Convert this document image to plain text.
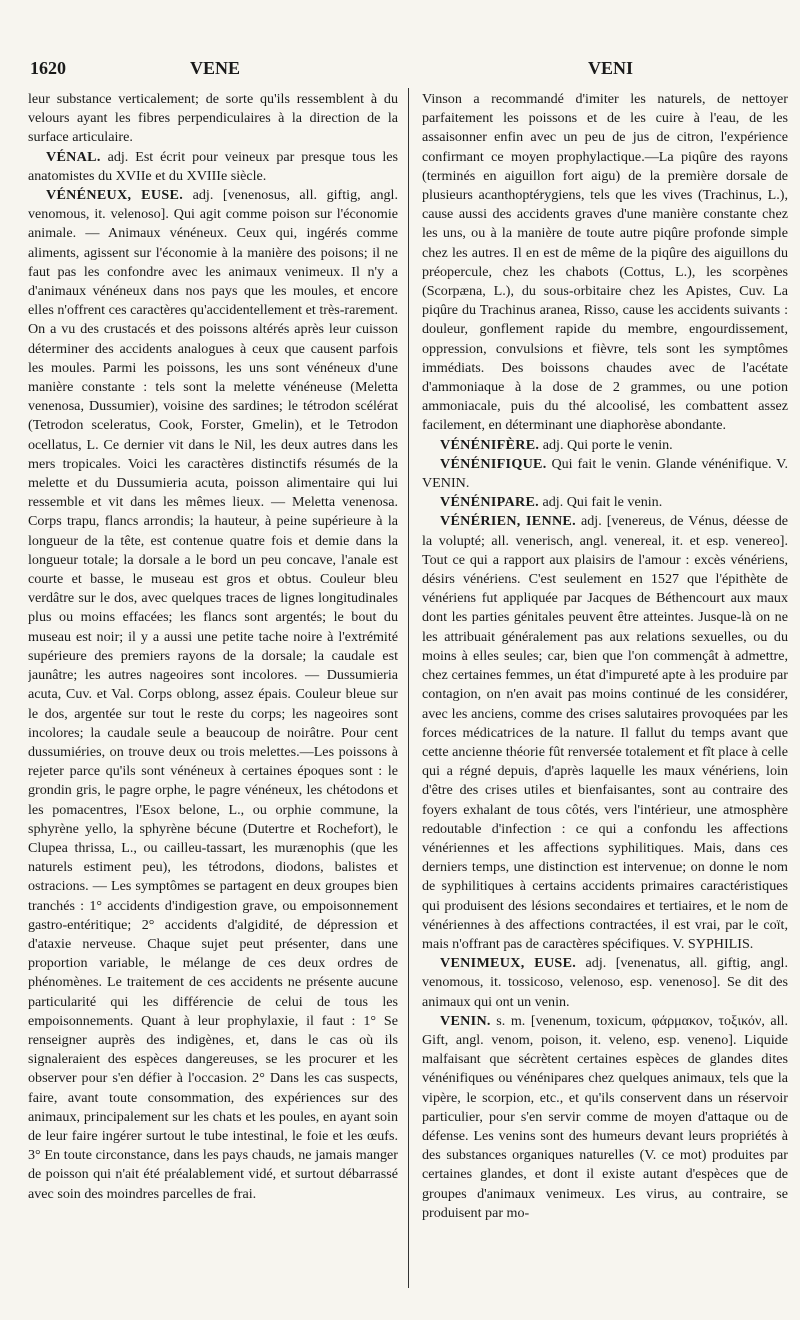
1620	VENE	VENI

leur substance verticalement; de sorte qu'ils ressemblent à du velours ayant les fibres perpendiculaires à la direction de la surface articulaire.

VÉNAL. adj. Est écrit pour veineux par presque tous les anatomistes du XVIIe et du XVIIIe siècle.

VÉNÉNEUX, EUSE. adj. [venenosus, all. giftig, angl. venomous, it. velenoso]. Qui agit comme poison sur l'économie animale. — Animaux vénéneux. Ceux qui, ingérés comme aliments, agissent sur l'économie à la manière des poisons; il ne faut pas les confondre avec les animaux venimeux. Il n'y a d'animaux vénéneux dans nos pays que les moules, et encore elles n'offrent ces caractères qu'accidentellement et très-rarement. On a vu des crustacés et des poissons altérés après leur cuisson déterminer des accidents analogues à ceux que causent parfois les moules. Parmi les poissons, les uns sont vénéneux d'une manière constante : tels sont la melette vénéneuse (Meletta venenosa, Dussumier), voisine des sardines; le tétrodon scélérat (Tetrodon sceleratus, Cook, Forster, Gmelin), et le Tetrodon ocellatus, L. Ce dernier vit dans le Nil, les deux autres dans les mers tropicales. Voici les caractères distinctifs résumés de la melette et du Dussumieria acuta, poisson alimentaire qui lui ressemble et vit dans les mêmes lieux. — Meletta venenosa. Corps trapu, flancs arrondis; la hauteur, à peine supérieure à la longueur de la tête, est contenue quatre fois et demie dans la longueur totale; la dorsale a le bord un peu concave, l'anale est courte et basse, le museau est gros et obtus. Couleur bleu verdâtre sur le dos, avec quelques traces de lignes longitudinales plus ou moins effacées; les flancs sont argentés; le bout du museau est noir; il y a aussi une petite tache noire à l'extrémité supérieure des premiers rayons de la dorsale; la caudale est jaunâtre; les autres nageoires sont incolores. — Dussumieria acuta, Cuv. et Val. Corps oblong, assez épais. Couleur bleue sur le dos, argentée sur tout le reste du corps; les nageoires sont incolores; la caudale seule a beaucoup de noirâtre. Pour cent dussumiéries, on trouve deux ou trois melettes.—Les poissons à rejeter parce qu'ils sont vénéneux à certaines époques sont : le grondin gris, le pagre orphe, le pagre vénéneux, les chétodons et les pomacentres, l'Esox belone, L., ou orphie commune, la sphyrène yello, la sphyrène bécune (Dutertre et Rochefort), le Clupea thrissa, L., ou cailleu-tassart, les murænophis (que les naturels estiment peu), les tétrodons, diodons, balistes et ostracions. — Les symptômes se partagent en deux groupes bien tranchés : 1° accidents d'indigestion grave, ou empoisonnement gastro-entéritique; 2° accidents d'algidité, de dépression et d'ataxie nerveuse. Chaque sujet peut présenter, dans une proportion variable, le mélange de ces deux ordres de phénomènes. Le traitement de ces accidents ne présente aucune particularité qui les différencie de celui de tous les empoisonnements. Quant à leur prophylaxie, il faut : 1° Se renseigner auprès des indigènes, et, dans le cas où ils signaleraient des espèces dangereuses, se les procurer et les observer pour s'en défier à l'occasion. 2° Dans les cas suspects, faire, avant toute consommation, des expériences sur des animaux, principalement sur les chats et les poules, en ayant soin de leur faire ingérer surtout le tube intestinal, le foie et les œufs. 3° En toute circonstance, dans les pays chauds, ne jamais manger de poisson qui n'ait été préalablement vidé, et surtout débarrassé avec soin des moindres parcelles de frai.

Vinson a recommandé d'imiter les naturels, de nettoyer parfaitement les poissons et de les cuire à l'eau, de les assaisonner enfin avec un peu de jus de citron, l'expérience confirmant ce moyen prophylactique.—La piqûre des rayons (terminés en aiguillon fort aigu) de la première dorsale de plusieurs acanthoptérygiens, tels que les vives (Trachinus, L.), cause aussi des accidents graves d'une manière constante chez les uns, ou à la manière de toute autre piqûre profonde simple chez les autres. Il en est de même de la piqûre des aiguillons du préopercule, chez les chabots (Cottus, L.), les scorpènes (Scorpæna, L.), du sous-orbitaire chez les Apistes, Cuv. La piqûre du Trachinus aranea, Risso, cause les accidents suivants : douleur, gonflement rapide du membre, engourdissement, oppression, convulsions et fièvre, tels sont les symptômes immédiats. Des boissons chaudes avec de l'acétate d'ammoniaque à la dose de 2 grammes, ou une potion ammoniacale, puis du thé alcoolisé, les combattent assez facilement, en déterminant une diaphorèse abondante.

VÉNÉNIFÈRE. adj. Qui porte le venin.

VÉNÉNIFIQUE. Qui fait le venin. Glande vénénifique. V. VENIN.

VÉNÉNIPARE. adj. Qui fait le venin.

VÉNÉRIEN, IENNE. adj. [venereus, de Vénus, déesse de la volupté; all. venerisch, angl. venereal, it. et esp. venereo]. Tout ce qui a rapport aux plaisirs de l'amour : excès vénériens, désirs vénériens. C'est seulement en 1527 que l'épithète de vénériens fut appliquée par Jacques de Béthencourt aux maux dont les parties génitales peuvent être atteintes. Jusque-là on ne les attribuait généralement pas aux relations sexuelles, ou du moins à elles seules; car, bien que l'on commençât à admettre, chez certaines femmes, un état d'impureté apte à les produire par contagion, on n'en avait pas moins continué de les considérer, avec les anciens, comme des crises salutaires provoquées par les forces médicatrices de la nature. Il fallut du temps avant que cette ancienne théorie fût renversée totalement et fît place à celle qui a régné depuis, d'après laquelle les maux vénériens, loin d'être des crises utiles et bienfaisantes, sont au contraire des foyers exhalant de tous côtés, vers l'intérieur, une atmosphère redoutable d'infection : ce qui a confondu les affections vénériennes et les affections syphilitiques. Mais, dans ces derniers temps, une distinction est intervenue; on donne le nom de syphilitiques à certains accidents primaires caractéristiques qui produisent des lésions secondaires et tertiaires, et le nom de vénériennes à des affections contractées, il est vrai, par le coït, mais n'offrant pas de caractères spécifiques. V. SYPHILIS.

VENIMEUX, EUSE. adj. [venenatus, all. giftig, angl. venomous, it. tossicoso, velenoso, esp. venenoso]. Se dit des animaux qui ont un venin.

VENIN. s. m. [venenum, toxicum, φάρμακον, τοξικόν, all. Gift, angl. venom, poison, it. veleno, esp. veneno]. Liquide malfaisant que sécrètent certaines espèces de glandes dites vénénifiques ou vénénipares chez quelques animaux, tels que la vipère, le scorpion, etc., et qu'ils conservent dans un réservoir particulier, pour s'en servir comme de moyen d'attaque ou de défense. Les venins sont des humeurs devant leurs propriétés à des substances organiques naturelles (V. ce mot) produites par certaines glandes, et dont il existe autant d'espèces que de groupes d'animaux venimeux. Les virus, au contraire, se produisent par mo-
